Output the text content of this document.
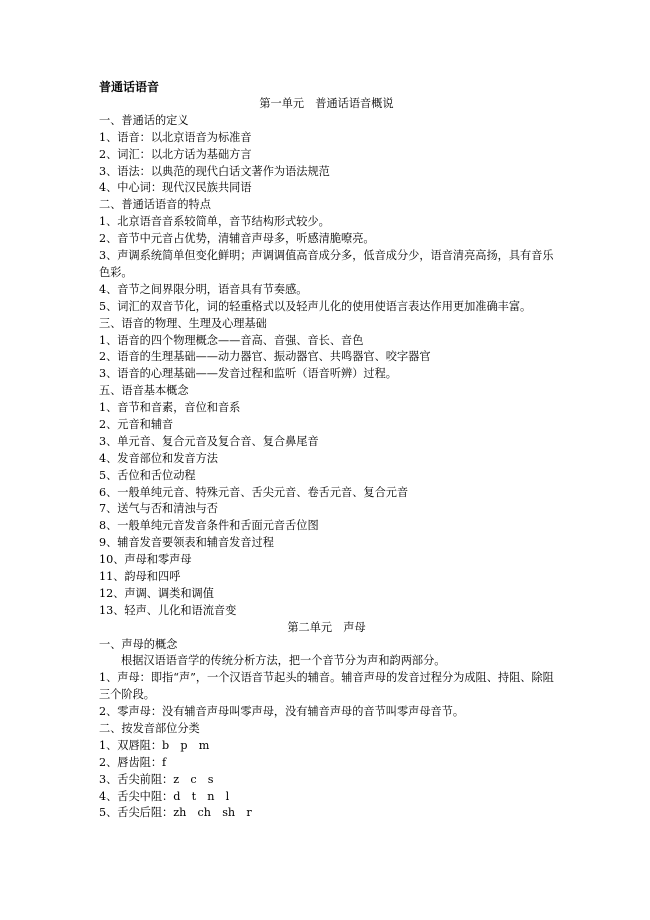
普通话语音
第一单元　普通话语音概说
一、普通话的定义
1、语音：以北京语音为标准音
2、词汇：以北方话为基础方言
3、语法：以典范的现代白话文著作为语法规范
4、中心词：现代汉民族共同语
二、普通话语音的特点
1、北京语音音系较简单，音节结构形式较少。
2、音节中元音占优势，清辅音声母多，听感清脆嘹亮。
3、声调系统简单但变化鲜明；声调调值高音成分多，低音成分少，语音清亮高扬，具有音乐色彩。
4、音节之间界限分明，语音具有节奏感。
5、词汇的双音节化，词的轻重格式以及轻声儿化的使用使语言表达作用更加准确丰富。
三、语音的物理、生理及心理基础
1、语音的四个物理概念——音高、音强、音长、音色
2、语音的生理基础——动力器官、振动器官、共鸣器官、咬字器官
3、语音的心理基础——发音过程和监听（语音听辨）过程。
五、语音基本概念
1、音节和音素，音位和音系
2、元音和辅音
3、单元音、复合元音及复合音、复合鼻尾音
4、发音部位和发音方法
5、舌位和舌位动程
6、一般单纯元音、特殊元音、舌尖元音、卷舌元音、复合元音
7、送气与否和清浊与否
8、一般单纯元音发音条件和舌面元音舌位图
9、辅音发音要领表和辅音发音过程
10、声母和零声母
11、韵母和四呼
12、声调、调类和调值
13、轻声、儿化和语流音变
第二单元　声母
一、声母的概念
根据汉语语音学的传统分析方法，把一个音节分为声和韵两部分。
1、声母：即指“声”，一个汉语音节起头的辅音。辅音声母的发音过程分为成阻、持阻、除阻三个阶段。
2、零声母：没有辅音声母叫零声母，没有辅音声母的音节叫零声母音节。
二、按发音部位分类
1、双唇阻：b　p　m
2、唇齿阻：f
3、舌尖前阻：z　c　s
4、舌尖中阻：d　t　n　l
5、舌尖后阻：zh　ch　sh　r
